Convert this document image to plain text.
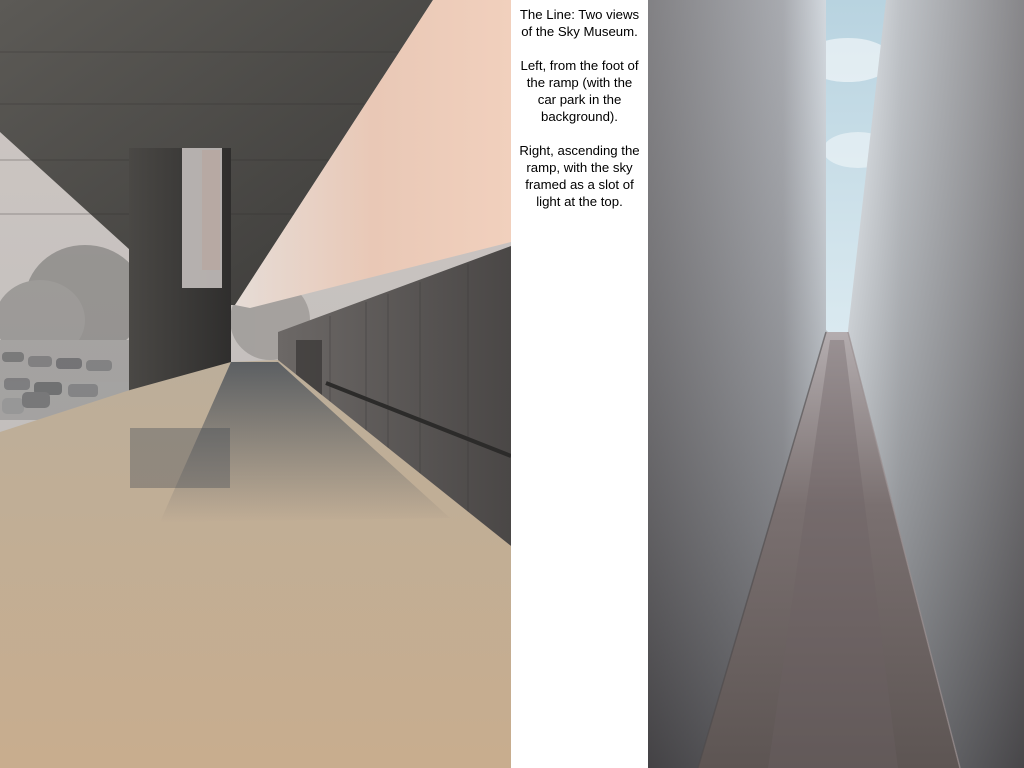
The Line: Two views of the Sky Museum.
Left, from the foot of the ramp (with the car park in the background).
Right, ascending the ramp, with the sky framed as a slot of light at the top.
